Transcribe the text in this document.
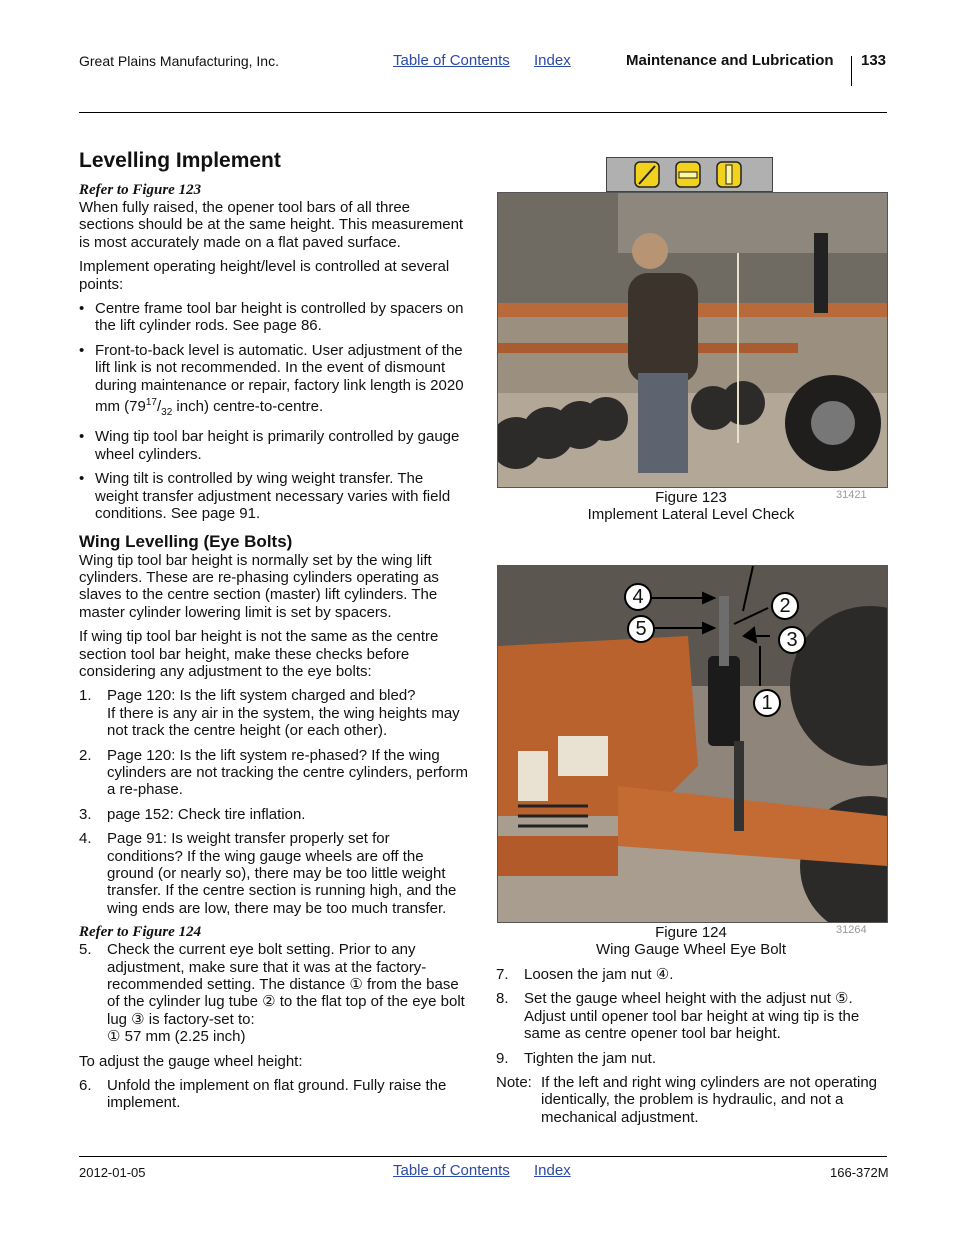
Great Plains Manufacturing, Inc.	Table of Contents Index	Maintenance and Lubrication 133
Levelling Implement
Refer to Figure 123

When fully raised, the opener tool bars of all three sections should be at the same height. This measurement is most accurately made on a flat paved surface.

Implement operating height/level is controlled at several points:

• Centre frame tool bar height is controlled by spacers on the lift cylinder rods. See page 86.
• Front-to-back level is automatic. User adjustment of the lift link is not recommended. In the event of dismount during maintenance or repair, factory link length is 2020 mm ($79^{17}/_{32}$ inch) centre-to-centre.
• Wing tip tool bar height is primarily controlled by gauge wheel cylinders.
• Wing tilt is controlled by wing weight transfer. The weight transfer adjustment necessary varies with field conditions. See page 91.
Wing Levelling (Eye Bolts)

Wing tip tool bar height is normally set by the wing lift cylinders. These are re-phasing cylinders operating as slaves to the centre section (master) lift cylinders. The master cylinder lowering limit is set by spacers.

If wing tip tool bar height is not the same as the centre section tool bar height, make these checks before considering any adjustment to the eye bolts:

1. Page 120: Is the lift system charged and bled?
If there is any air in the system, the wing heights may not track the centre height (or each other).
2. Page 120: Is the lift system re-phased? If the wing cylinders are not tracking the centre cylinders, perform a re-phase.
3. page 152: Check tire inflation.
4. Page 91: Is weight transfer properly set for conditions? If the wing gauge wheels are off the ground (or nearly so), there may be too little weight transfer. If the centre section is running high, and the wing ends are low, there may be too much transfer.
Refer to Figure 124
5. Check the current eye bolt setting. Prior to any adjustment, make sure that it was at the factory-recommended setting. The distance ① from the base of the cylinder lug tube ② to the flat top of the eye bolt lug ③ is factory-set to:
① 57 mm (2.25 inch)

To adjust the gauge wheel height:

6. Unfold the implement on flat ground. Fully raise the implement.
Figure 123
Implement Lateral Level Check
31421
4
5
2
3
1
Figure 124
Wing Gauge Wheel Eye Bolt
31264
7. Loosen the jam nut ④.
8. Set the gauge wheel height with the adjust nut ⑤. Adjust until opener tool bar height at wing tip is the same as centre opener tool bar height.
9. Tighten the jam nut.
Note: If the left and right wing cylinders are not operating identically, the problem is hydraulic, and not a mechanical adjustment.
2012-01-05	Table of Contents Index	166-372M
